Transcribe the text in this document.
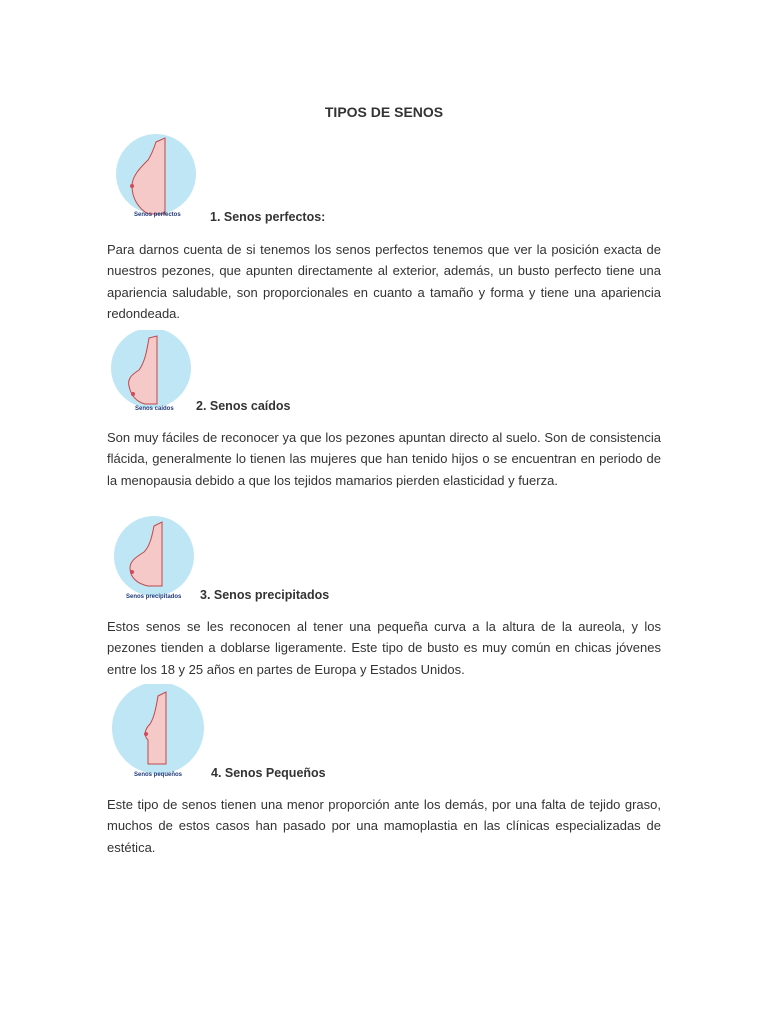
TIPOS DE SENOS
Senos perfectos 1. Senos perfectos:

Para darnos cuenta de si tenemos los senos perfectos tenemos que ver la posición exacta de nuestros pezones, que apunten directamente al exterior, además, un busto perfecto tiene una apariencia saludable, son proporcionales en cuanto a tamaño y forma y tiene una apariencia redondeada.

Senos caídos 2. Senos caídos

Son muy fáciles de reconocer ya que los pezones apuntan directo al suelo. Son de consistencia flácida, generalmente lo tienen las mujeres que han tenido hijos o se encuentran en periodo de la menopausia debido a que los tejidos mamarios pierden elasticidad y fuerza.

Senos precipitados 3. Senos precipitados

Estos senos se les reconocen al tener una pequeña curva a la altura de la aureola, y los pezones tienden a doblarse ligeramente. Este tipo de busto es muy común en chicas jóvenes entre los 18 y 25 años en partes de Europa y Estados Unidos.

Senos pequeños 4. Senos Pequeños

Este tipo de senos tienen una menor proporción ante los demás, por una falta de tejido graso, muchos de estos casos han pasado por una mamoplastia en las clínicas especializadas de estética.
